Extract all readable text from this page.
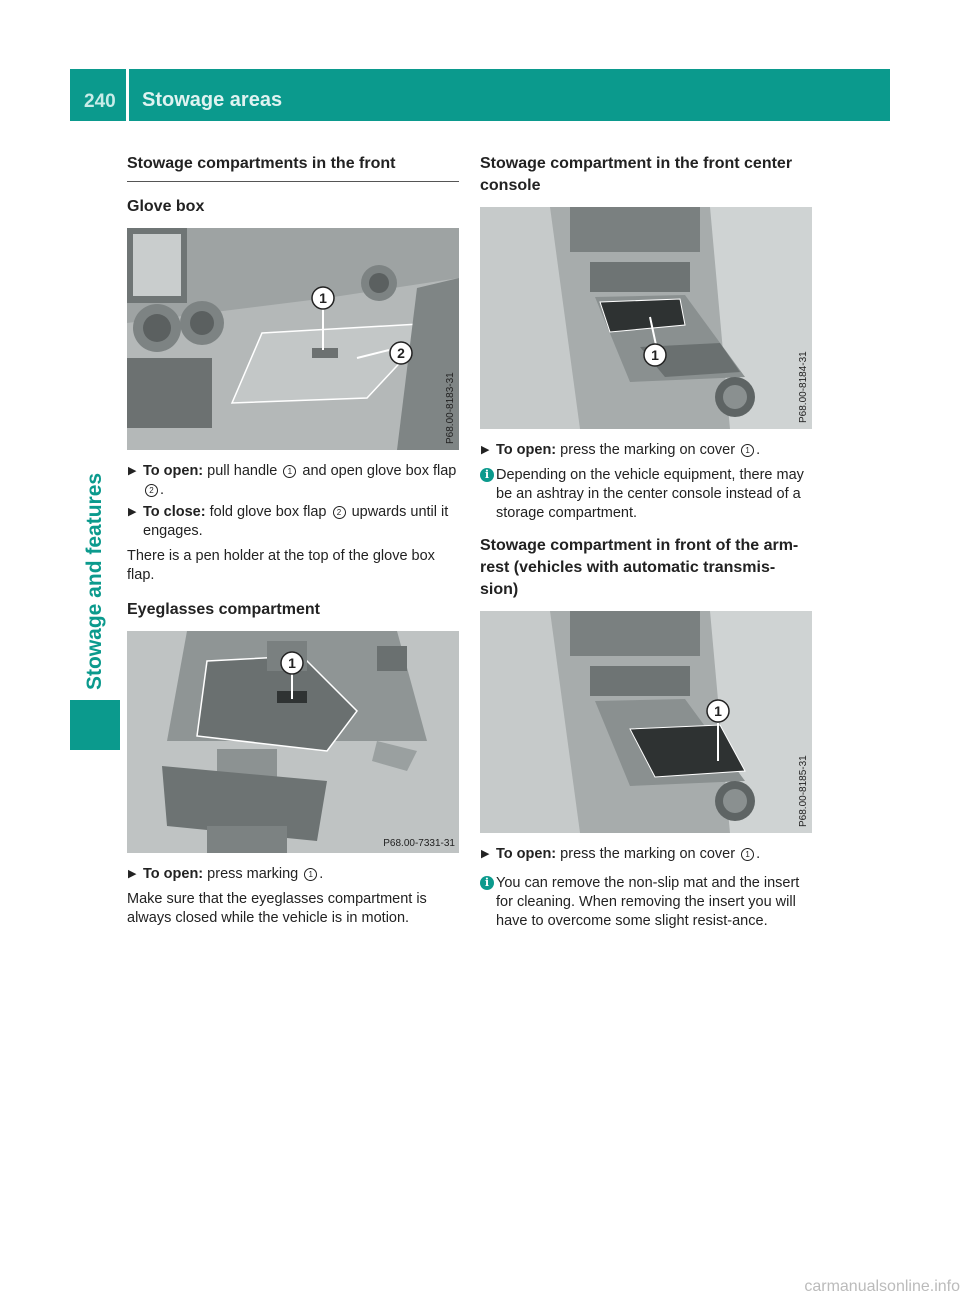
240 Stowage areas
Stowage and features
Stowage compartments in the front
Glove box
1
2
P68.00-8183-31
▶ To open: pull handle 1 and open glove box flap 2 .
▶ To close: fold glove box flap 2 upwards until it engages.

There is a pen holder at the top of the glove box flap.

Eyeglasses compartment
1
P68.00-7331-31
▶ To open: press marking 1 .

Make sure that the eyeglasses compartment is always closed while the vehicle is in motion.

Stowage compartment in the front center console
1	P68.00-8184-31
▶ To open: press the marking on cover 1 .
i Depending on the vehicle equipment, there may be an ashtray in the center console instead of a storage compartment.
Stowage compartment in front of the arm-rest (vehicles with automatic transmis-sion)
1
P68.00-8185-31
▶ To open: press the marking on cover 1 .
i You can remove the non-slip mat and the insert for cleaning. When removing the insert you will have to overcome some slight resist-ance.
carmanualsonline.info
